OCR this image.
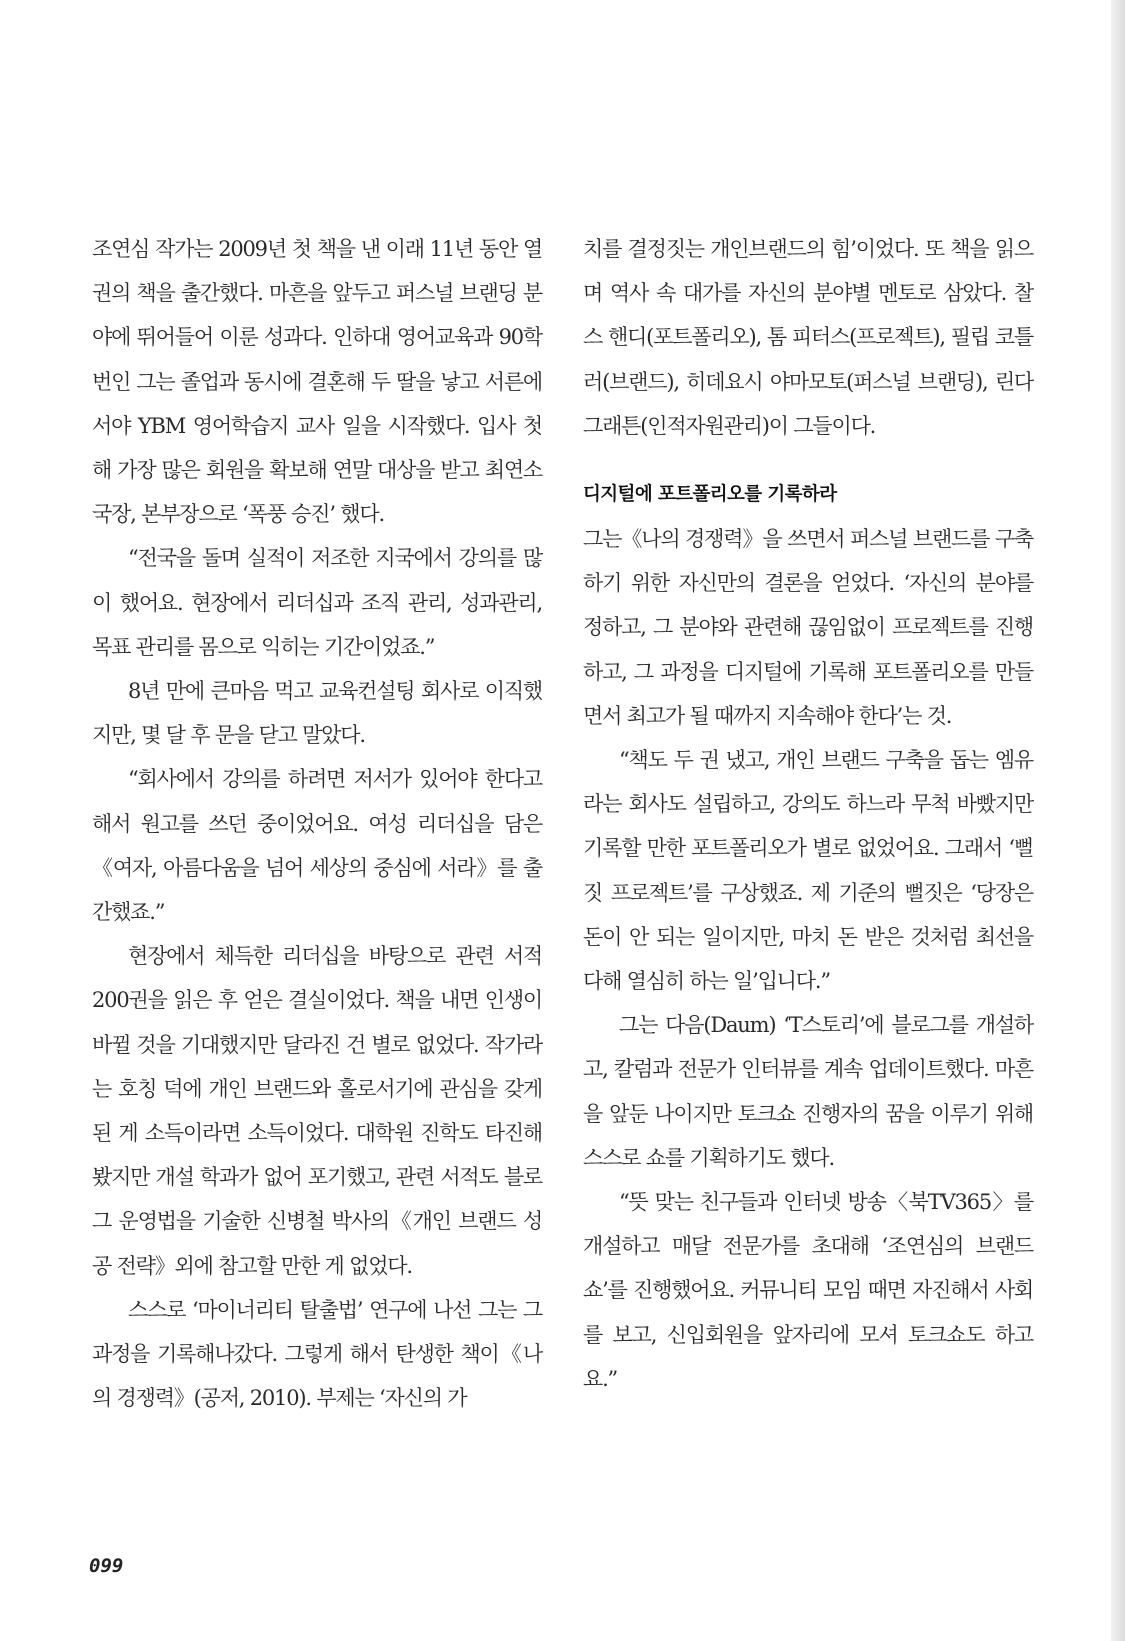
조연심 작가는 2009년 첫 책을 낸 이래 11년 동안 열 권의 책을 출간했다. 마흔을 앞두고 퍼스널 브랜딩 분야에 뛰어들어 이룬 성과다. 인하대 영어교육과 90학번인 그는 졸업과 동시에 결혼해 두 딸을 낳고 서른에서야 YBM 영어학습지 교사 일을 시작했다. 입사 첫해 가장 많은 회원을 확보해 연말 대상을 받고 최연소 국장, 본부장으로 ‘폭풍 승진’ 했다.

“전국을 돌며 실적이 저조한 지국에서 강의를 많이 했어요. 현장에서 리더십과 조직 관리, 성과관리, 목표 관리를 몸으로 익히는 기간이었죠.”

8년 만에 큰마음 먹고 교육컨설팅 회사로 이직했지만, 몇 달 후 문을 닫고 말았다.

“회사에서 강의를 하려면 저서가 있어야 한다고 해서 원고를 쓰던 중이었어요. 여성 리더십을 담은《여자, 아름다움을 넘어 세상의 중심에 서라》를 출간했죠.”

현장에서 체득한 리더십을 바탕으로 관련 서적 200권을 읽은 후 얻은 결실이었다. 책을 내면 인생이 바뀔 것을 기대했지만 달라진 건 별로 없었다. 작가라는 호칭 덕에 개인 브랜드와 홀로서기에 관심을 갖게 된 게 소득이라면 소득이었다. 대학원 진학도 타진해봤지만 개설 학과가 없어 포기했고, 관련 서적도 블로그 운영법을 기술한 신병철 박사의《개인 브랜드 성공 전략》외에 참고할 만한 게 없었다.

스스로 ‘마이너리티 탈출법’ 연구에 나선 그는 그 과정을 기록해나갔다. 그렇게 해서 탄생한 책이《나의 경쟁력》(공저, 2010). 부제는 ‘자신의 가

치를 결정짓는 개인브랜드의 힘’이었다. 또 책을 읽으며 역사 속 대가를 자신의 분야별 멘토로 삼았다. 찰스 핸디(포트폴리오), 톰 피터스(프로젝트), 필립 코틀러(브랜드), 히데요시 야마모토(퍼스널 브랜딩), 린다 그래튼(인적자원관리)이 그들이다.

디지털에 포트폴리오를 기록하라

그는《나의 경쟁력》을 쓰면서 퍼스널 브랜드를 구축하기 위한 자신만의 결론을 얻었다. ‘자신의 분야를 정하고, 그 분야와 관련해 끊임없이 프로젝트를 진행하고, 그 과정을 디지털에 기록해 포트폴리오를 만들면서 최고가 될 때까지 지속해야 한다’는 것.

“책도 두 권 냈고, 개인 브랜드 구축을 돕는 엠유라는 회사도 설립하고, 강의도 하느라 무척 바빴지만 기록할 만한 포트폴리오가 별로 없었어요. 그래서 ‘뻘짓 프로젝트’를 구상했죠. 제 기준의 뻘짓은 ‘당장은 돈이 안 되는 일이지만, 마치 돈 받은 것처럼 최선을 다해 열심히 하는 일’입니다.”

그는 다음(Daum) ‘T스토리’에 블로그를 개설하고, 칼럼과 전문가 인터뷰를 계속 업데이트했다. 마흔을 앞둔 나이지만 토크쇼 진행자의 꿈을 이루기 위해 스스로 쇼를 기획하기도 했다.

“뜻 맞는 친구들과 인터넷 방송〈북TV365〉를 개설하고 매달 전문가를 초대해 ‘조연심의 브랜드쇼’를 진행했어요. 커뮤니티 모임 때면 자진해서 사회를 보고, 신입회원을 앞자리에 모셔 토크쇼도 하고요.”

099
